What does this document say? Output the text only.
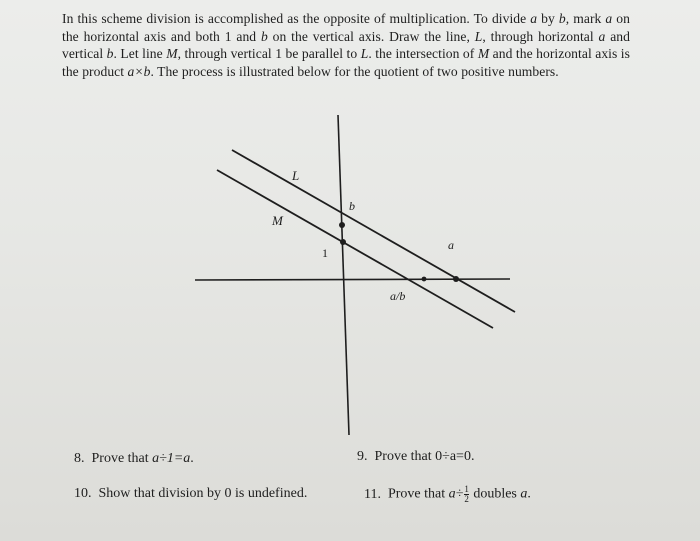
In this scheme division is accomplished as the opposite of multiplication. To divide a by b, mark a on the horizontal axis and both 1 and b on the vertical axis. Draw the line, L, through horizontal a and vertical b. Let line M, through vertical 1 be parallel to L. the intersection of M and the horizontal axis is the product a×b. The process is illustrated below for the quotient of two positive numbers.
L
M
b
1
a
a/b
8. Prove that a÷1=a.	9. Prove that 0÷a=0.
10. Show that division by 0 is undefined.	11. Prove that $a\div \frac{1}{2}$ doubles a.
